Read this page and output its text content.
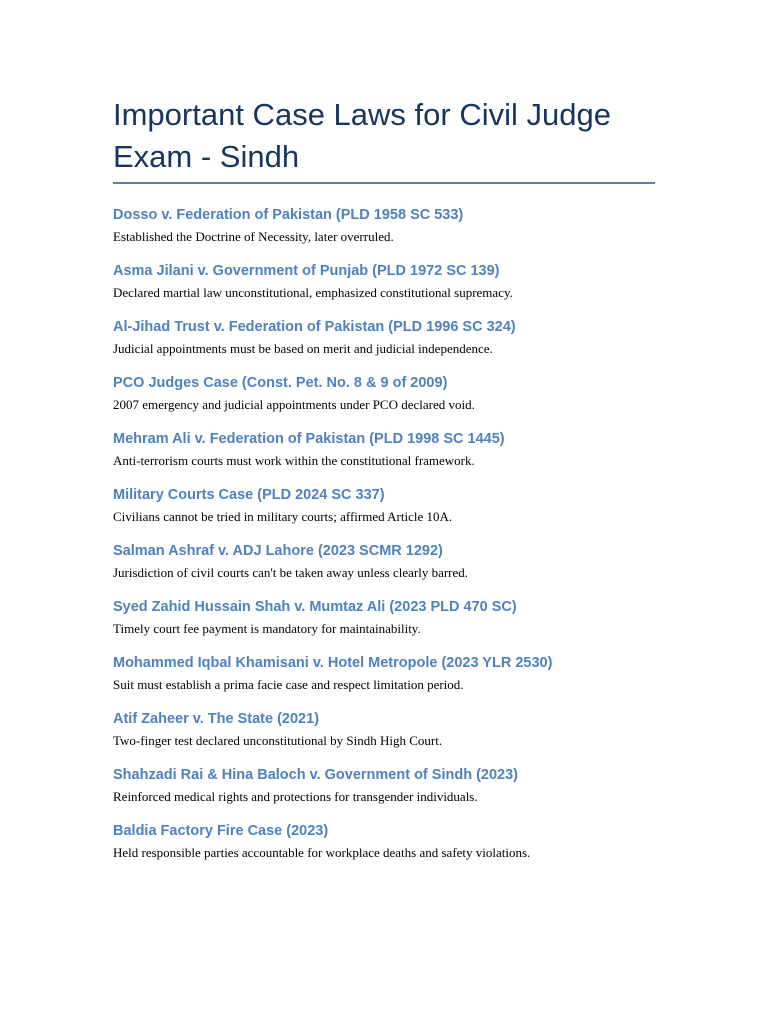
Important Case Laws for Civil Judge Exam - Sindh

Dosso v. Federation of Pakistan (PLD 1958 SC 533)

Established the Doctrine of Necessity, later overruled.

Asma Jilani v. Government of Punjab (PLD 1972 SC 139)

Declared martial law unconstitutional, emphasized constitutional supremacy.

Al-Jihad Trust v. Federation of Pakistan (PLD 1996 SC 324)

Judicial appointments must be based on merit and judicial independence.

PCO Judges Case (Const. Pet. No. 8 & 9 of 2009)

2007 emergency and judicial appointments under PCO declared void.

Mehram Ali v. Federation of Pakistan (PLD 1998 SC 1445)

Anti-terrorism courts must work within the constitutional framework.

Military Courts Case (PLD 2024 SC 337)

Civilians cannot be tried in military courts; affirmed Article 10A.

Salman Ashraf v. ADJ Lahore (2023 SCMR 1292)

Jurisdiction of civil courts can't be taken away unless clearly barred.

Syed Zahid Hussain Shah v. Mumtaz Ali (2023 PLD 470 SC)

Timely court fee payment is mandatory for maintainability.

Mohammed Iqbal Khamisani v. Hotel Metropole (2023 YLR 2530)

Suit must establish a prima facie case and respect limitation period.

Atif Zaheer v. The State (2021)

Two-finger test declared unconstitutional by Sindh High Court.

Shahzadi Rai & Hina Baloch v. Government of Sindh (2023)

Reinforced medical rights and protections for transgender individuals.

Baldia Factory Fire Case (2023)

Held responsible parties accountable for workplace deaths and safety violations.
